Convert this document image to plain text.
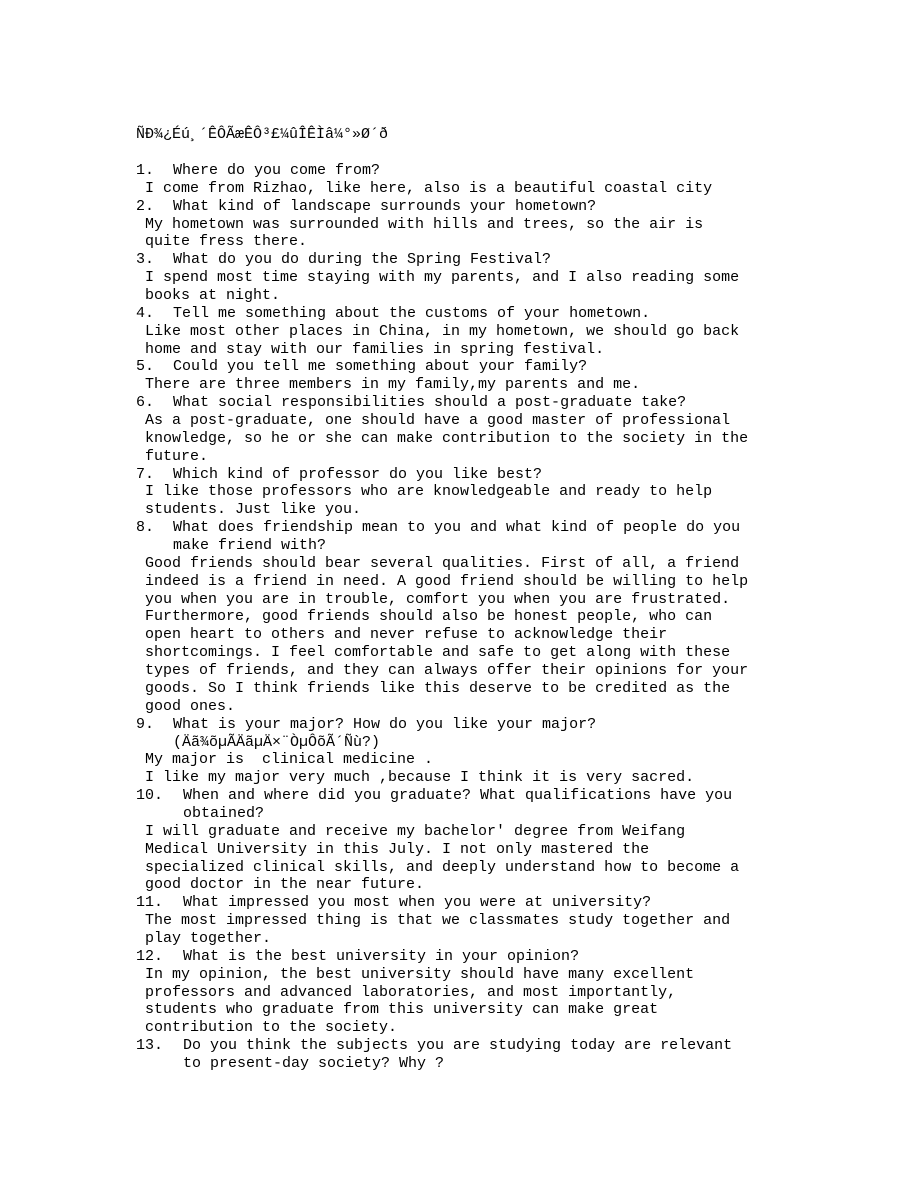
ÑÐ¾¿Éú¸´ÊÔÃæÊÔ³£¼ûÎÊÌâ¼°»Ø´ð
1. Where do you come from?
I come from Rizhao, like here, also is a beautiful coastal city
2. What kind of landscape surrounds your hometown?
My hometown was surrounded with hills and trees, so the air is
quite fress there.
3. What do you do during the Spring Festival?
I spend most time staying with my parents, and I also reading some
books at night.
4. Tell me something about the customs of your hometown.
Like most other places in China, in my hometown, we should go back
home and stay with our families in spring festival.
5. Could you tell me something about your family?
There are three members in my family,my parents and me.
6. What social responsibilities should a post-graduate take?
As a post-graduate, one should have a good master of professional
knowledge, so he or she can make contribution to the society in the
future.
7. Which kind of professor do you like best?
I like those professors who are knowledgeable and ready to help
students. Just like you.
8. What does friendship mean to you and what kind of people do you
make friend with?
Good friends should bear several qualities. First of all, a friend
indeed is a friend in need. A good friend should be willing to help
you when you are in trouble, comfort you when you are frustrated.
Furthermore, good friends should also be honest people, who can
open heart to others and never refuse to acknowledge their
shortcomings. I feel comfortable and safe to get along with these
types of friends, and they can always offer their opinions for your
goods. So I think friends like this deserve to be credited as the
good ones.
9. What is your major? How do you like your major?
(Äã¾õµÃÄãµÄ×¨ÒµÔõÃ´Ñù?)
My major is  clinical medicine .
I like my major very much ,because I think it is very sacred.
10. When and where did you graduate? What qualifications have you
obtained?
I will graduate and receive my bachelor' degree from Weifang
Medical University in this July. I not only mastered the
specialized clinical skills, and deeply understand how to become a
good doctor in the near future.
11. What impressed you most when you were at university?
The most impressed thing is that we classmates study together and
play together.
12. What is the best university in your opinion?
In my opinion, the best university should have many excellent
professors and advanced laboratories, and most importantly,
students who graduate from this university can make great
contribution to the society.
13. Do you think the subjects you are studying today are relevant
to present-day society? Why ?
